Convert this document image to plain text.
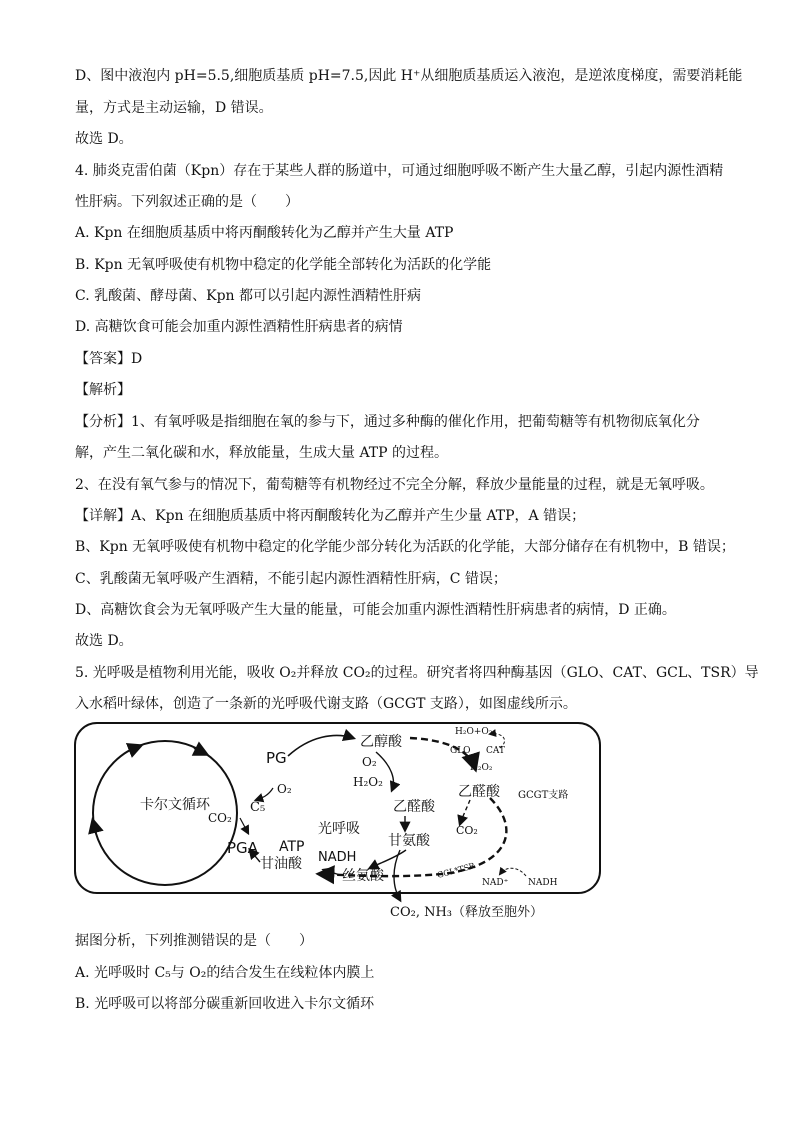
D、图中液泡内 pH=5.5,细胞质基质 pH=7.5,因此 H⁺从细胞质基质运入液泡，是逆浓度梯度，需要消耗能
量，方式是主动运输，D 错误。
故选 D。
4. 肺炎克雷伯菌（Kpn）存在于某些人群的肠道中，可通过细胞呼吸不断产生大量乙醇，引起内源性酒精
性肝病。下列叙述正确的是（　　）
A. Kpn 在细胞质基质中将丙酮酸转化为乙醇并产生大量 ATP
B. Kpn 无氧呼吸使有机物中稳定的化学能全部转化为活跃的化学能
C. 乳酸菌、酵母菌、Kpn 都可以引起内源性酒精性肝病
D. 高糖饮食可能会加重内源性酒精性肝病患者的病情
【答案】D
【解析】
【分析】1、有氧呼吸是指细胞在氧的参与下，通过多种酶的催化作用，把葡萄糖等有机物彻底氧化分
解，产生二氧化碳和水，释放能量，生成大量 ATP 的过程。
2、在没有氧气参与的情况下，葡萄糖等有机物经过不完全分解，释放少量能量的过程，就是无氧呼吸。
【详解】A、Kpn 在细胞质基质中将丙酮酸转化为乙醇并产生少量 ATP，A 错误；
B、Kpn 无氧呼吸使有机物中稳定的化学能少部分转化为活跃的化学能，大部分储存在有机物中，B 错误；
C、乳酸菌无氧呼吸产生酒精，不能引起内源性酒精性肝病，C 错误；
D、高糖饮食会为无氧呼吸产生大量的能量，可能会加重内源性酒精性肝病患者的病情，D 正确。
故选 D。
5. 光呼吸是植物利用光能，吸收 O₂并释放 CO₂的过程。研究者将四种酶基因（GLO、CAT、GCL、TSR）导
入水稻叶绿体，创造了一条新的光呼吸代谢支路（GCGT 支路），如图虚线所示。
卡尔文循环
PG
PGA
C₅
O₂
CO₂
光呼吸
乙醇酸
O₂
H₂O₂
乙醛酸
甘氨酸
丝氨酸
NADH
甘油酸
ATP
CO₂, NH₃（释放至胞外）
乙醛酸
CO₂
GCL*TSR
GCGT支路
NAD⁺ NADH
H₂O+O₂
GLO CAT
H₂O₂
据图分析，下列推测错误的是（　　）
A. 光呼吸时 C₅与 O₂的结合发生在线粒体内膜上
B. 光呼吸可以将部分碳重新回收进入卡尔文循环
